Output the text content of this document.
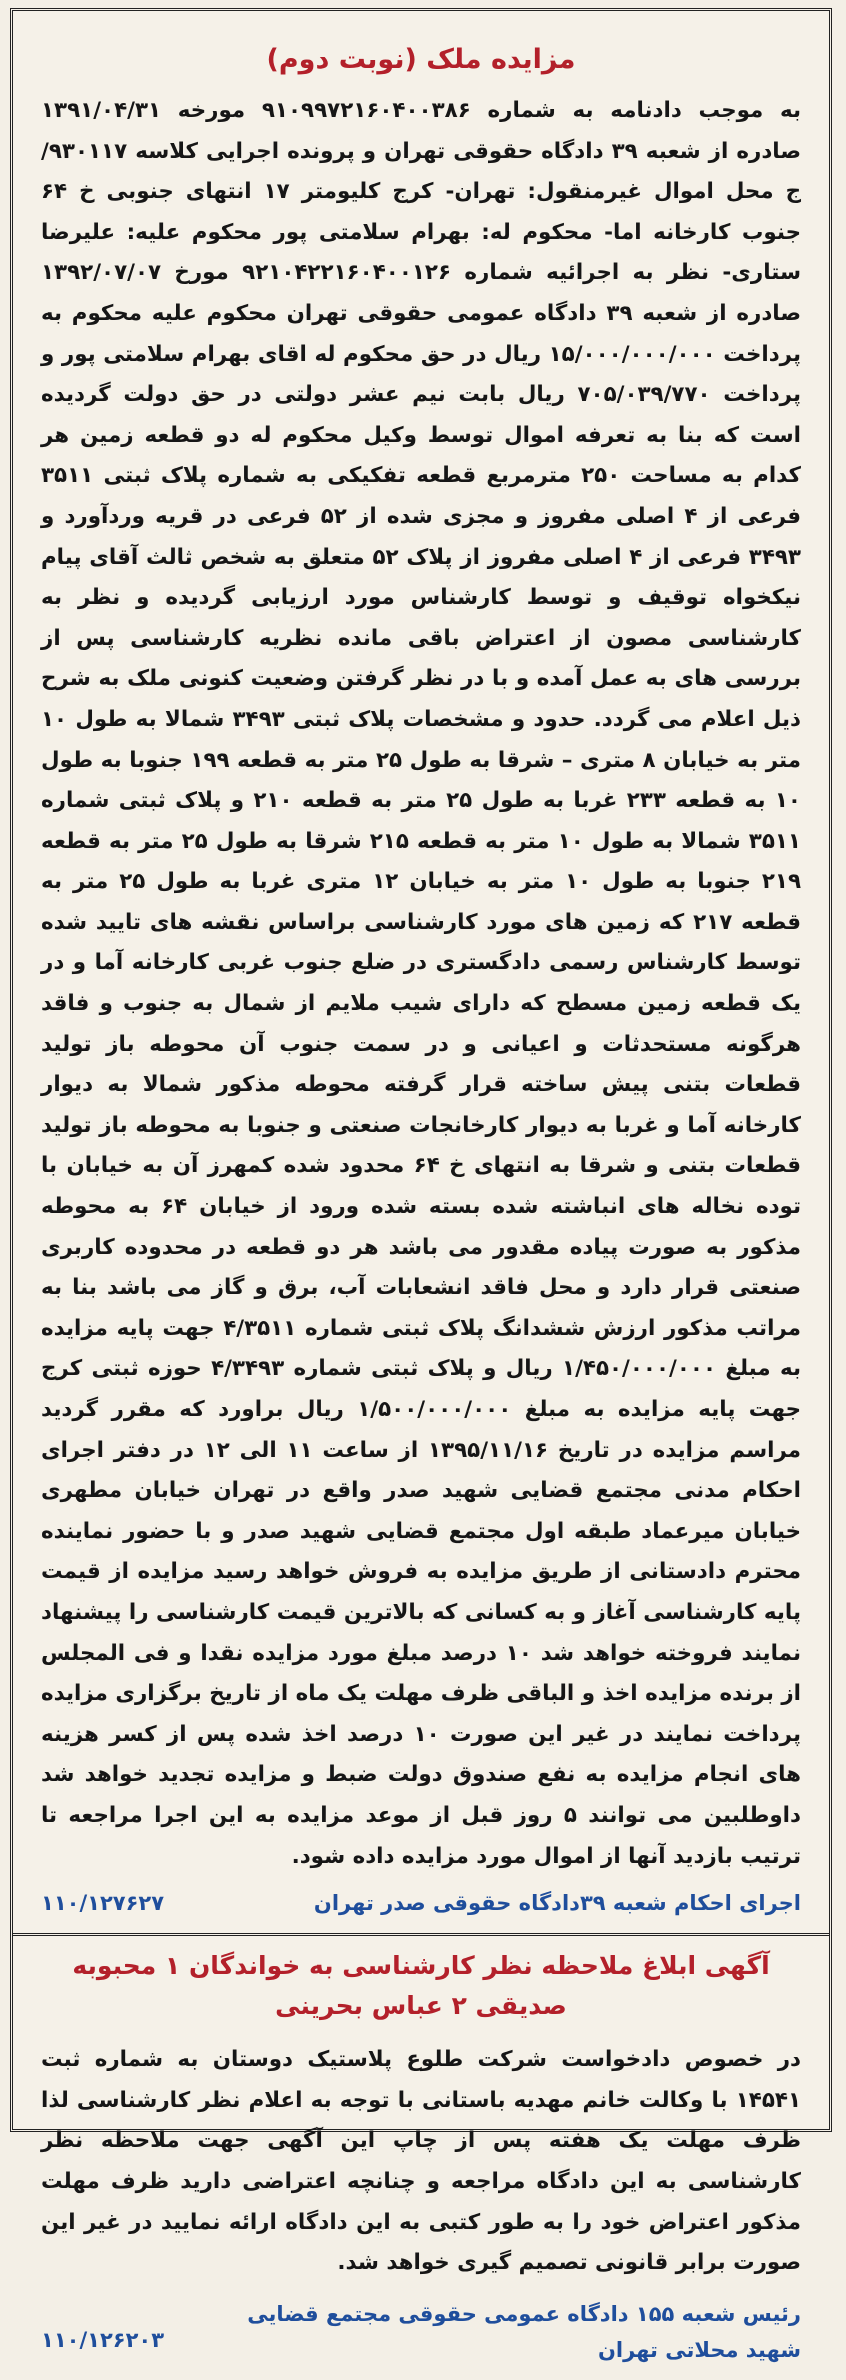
مزایده ملک (نوبت دوم)

به موجب دادنامه به شماره ۹۱۰۹۹۷۲۱۶۰۴۰۰۳۸۶ مورخه ۱۳۹۱/۰۴/۳۱ صادره از شعبه ۳۹ دادگاه حقوقی تهران و پرونده اجرایی کلاسه ۹۳۰۱۱۷/ج محل اموال غیرمنقول: تهران- کرج کلیومتر ۱۷ انتهای جنوبی خ ۶۴ جنوب کارخانه اما- محکوم له: بهرام سلامتی پور محکوم علیه: علیرضا ستاری- نظر به اجرائیه شماره ۹۲۱۰۴۲۲۱۶۰۴۰۰۱۲۶ مورخ ۱۳۹۲/۰۷/۰۷ صادره از شعبه ۳۹ دادگاه عمومی حقوقی تهران محکوم علیه محکوم به پرداخت ۱۵/۰۰۰/۰۰۰/۰۰۰ ریال در حق محکوم له اقای بهرام سلامتی پور و پرداخت ۷۰۵/۰۳۹/۷۷۰ ریال بابت نیم عشر دولتی در حق دولت گردیده است که بنا به تعرفه اموال توسط وکیل محکوم له دو قطعه زمین هر کدام به مساحت ۲۵۰ مترمربع قطعه تفکیکی به شماره پلاک ثبتی ۳۵۱۱ فرعی از ۴ اصلی مفروز و مجزی شده از ۵۲ فرعی در قریه وردآورد و ۳۴۹۳ فرعی از ۴ اصلی مفروز از پلاک ۵۲ متعلق به شخص ثالث آقای پیام نیکخواه توقیف و توسط کارشناس مورد ارزیابی گردیده و نظر به کارشناسی مصون از اعتراض باقی مانده نظریه کارشناسی پس از بررسی های به عمل آمده و با در نظر گرفتن وضعیت کنونی ملک به شرح ذیل اعلام می گردد. حدود و مشخصات پلاک ثبتی ۳۴۹۳ شمالا به طول ۱۰ متر به خیابان ۸ متری – شرقا به طول ۲۵ متر به قطعه ۱۹۹ جنوبا به طول ۱۰ به قطعه ۲۳۳ غربا به طول ۲۵ متر به قطعه ۲۱۰ و پلاک ثبتی شماره ۳۵۱۱ شمالا به طول ۱۰ متر به قطعه ۲۱۵ شرقا به طول ۲۵ متر به قطعه ۲۱۹ جنوبا به طول ۱۰ متر به خیابان ۱۲ متری غربا به طول ۲۵ متر به قطعه ۲۱۷ که زمین های مورد کارشناسی براساس نقشه های تایید شده توسط کارشناس رسمی دادگستری در ضلع جنوب غربی کارخانه آما و در یک قطعه زمین مسطح که دارای شیب ملایم از شمال به جنوب و فاقد هرگونه مستحدثات و اعیانی و در سمت جنوب آن محوطه باز تولید قطعات بتنی پیش ساخته قرار گرفته محوطه مذکور شمالا به دیوار کارخانه آما و غربا به دیوار کارخانجات صنعتی و جنوبا به محوطه باز تولید قطعات بتنی و شرقا به انتهای خ ۶۴ محدود شده کمهرز آن به خیابان با توده نخاله های انباشته شده بسته شده ورود از خیابان ۶۴ به محوطه مذکور به صورت پیاده مقدور می باشد هر دو قطعه در محدوده کاربری صنعتی قرار دارد و محل فاقد انشعابات آب، برق و گاز می باشد بنا به مراتب مذکور ارزش ششدانگ پلاک ثبتی شماره ۴/۳۵۱۱ جهت پایه مزایده به مبلغ ۱/۴۵۰/۰۰۰/۰۰۰ ریال و پلاک ثبتی شماره ۴/۳۴۹۳ حوزه ثبتی کرج جهت پایه مزایده به مبلغ ۱/۵۰۰/۰۰۰/۰۰۰ ریال براورد که مقرر گردید مراسم مزایده در تاریخ ۱۳۹۵/۱۱/۱۶ از ساعت ۱۱ الی ۱۲ در دفتر اجرای احکام مدنی مجتمع قضایی شهید صدر واقع در تهران خیابان مطهری خیابان میرعماد طبقه اول مجتمع قضایی شهید صدر و با حضور نماینده محترم دادستانی از طریق مزایده به فروش خواهد رسید مزایده از قیمت پایه کارشناسی آغاز و به کسانی که بالاترین قیمت کارشناسی را پیشنهاد نمایند فروخته خواهد شد ۱۰ درصد مبلغ مورد مزایده نقدا و فی المجلس از برنده مزایده اخذ و الباقی ظرف مهلت یک ماه از تاریخ برگزاری مزایده پرداخت نمایند در غیر این صورت ۱۰ درصد اخذ شده پس از کسر هزینه های انجام مزایده به نفع صندوق دولت ضبط و مزایده تجدید خواهد شد داوطلبین می توانند ۵ روز قبل از موعد مزایده به این اجرا مراجعه تا ترتیب بازدید آنها از اموال مورد مزایده داده شود.

اجرای احکام شعبه ۳۹دادگاه حقوقی صدر تهران
۱۱۰/۱۲۷۶۲۷
آگهی ابلاغ ملاحظه نظر کارشناسی به خواندگان ۱ محبوبه صدیقی ۲ عباس بحرینی

در خصوص دادخواست شرکت طلوع پلاستیک دوستان به شماره ثبت ۱۴۵۴۱ با وکالت خانم مهدیه باستانی با توجه به اعلام نظر کارشناسی لذا ظرف مهلت یک هفته پس از چاپ این آگهی جهت ملاحظه نظر کارشناسی به این دادگاه مراجعه و چنانچه اعتراضی دارید ظرف مهلت مذکور اعتراض خود را به طور کتبی به این دادگاه ارائه نمایید در غیر این صورت برابر قانونی تصمیم گیری خواهد شد.

رئیس شعبه ۱۵۵ دادگاه عمومی حقوقی مجتمع قضایی شهید محلاتی تهران
۱۱۰/۱۲۶۲۰۳
